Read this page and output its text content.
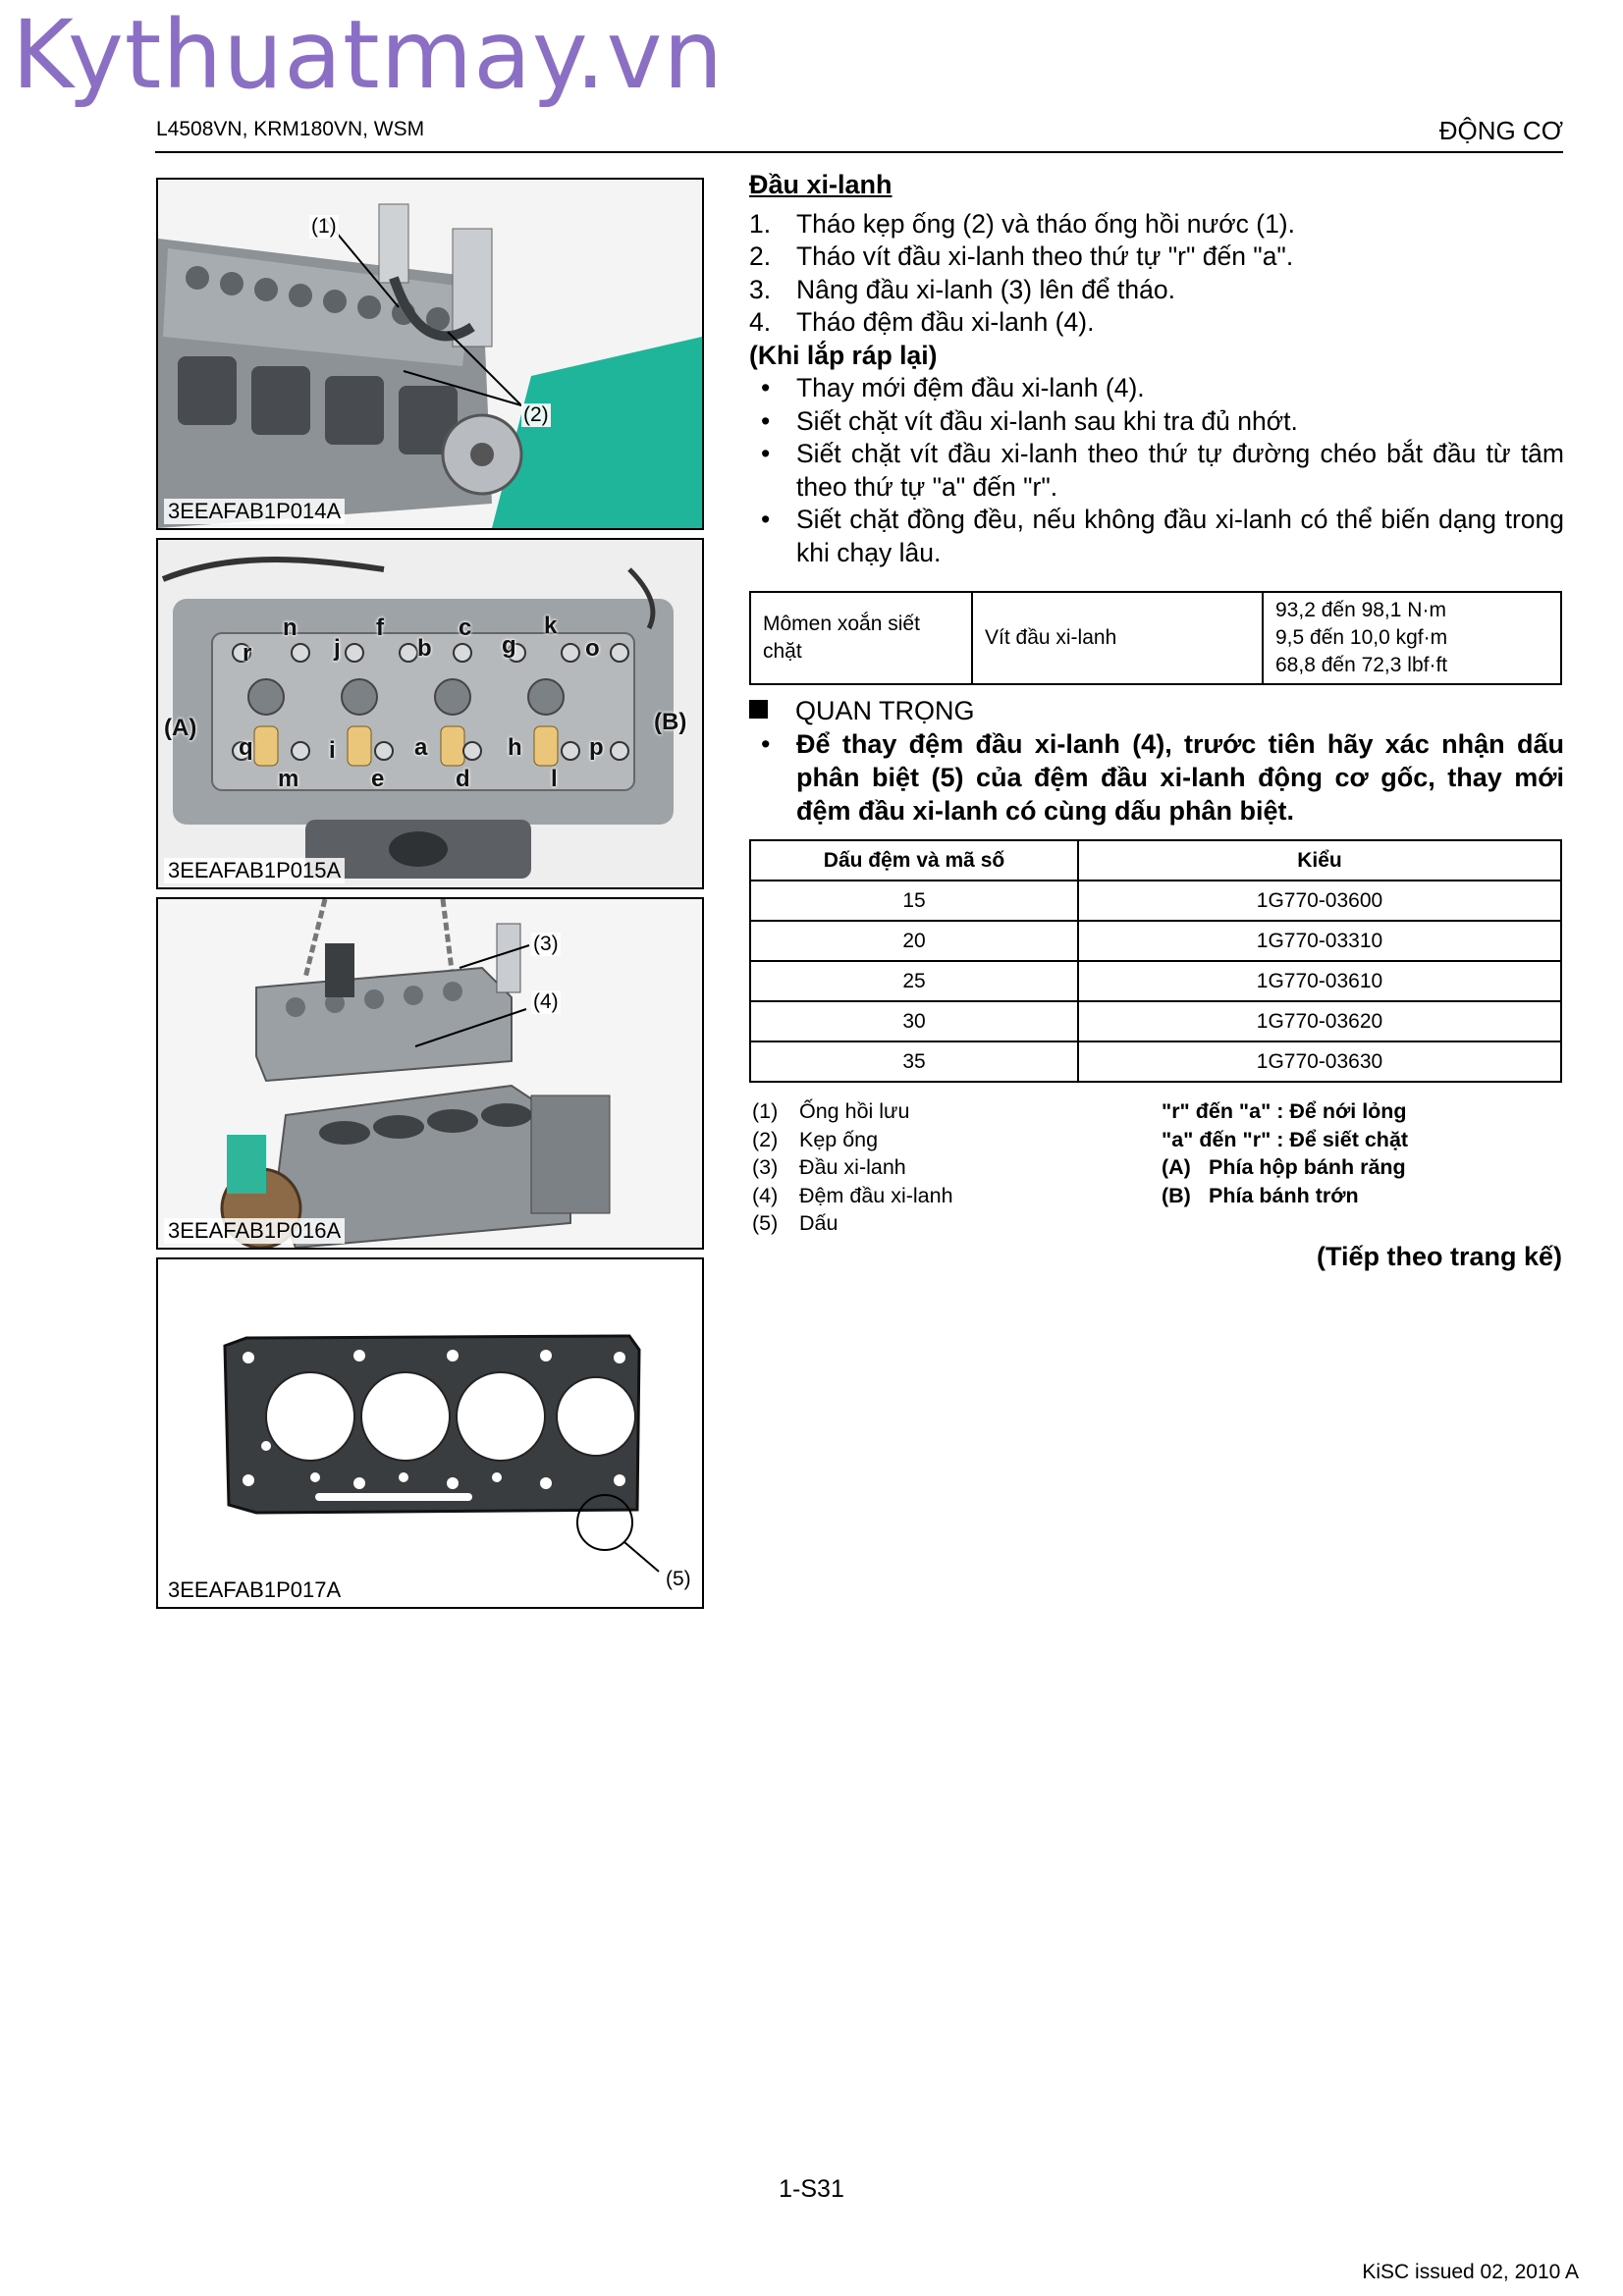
Kythuatmay.vn
L4508VN, KRM180VN, WSM	ĐỘNG CƠ
(1)
(2)
3EEAFAB1P014A
n	f	c	k
r	j	b	g	o
q	i	a	h	p
m	e	d	l
(A)	(B)
3EEAFAB1P015A
(3)
(4)
3EEAFAB1P016A
(5)
3EEAFAB1P017A
Đầu xi-lanh
1. Tháo kẹp ống (2) và tháo ống hồi nước (1).
2. Tháo vít đầu xi-lanh theo thứ tự "r" đến "a".
3. Nâng đầu xi-lanh (3) lên để tháo.
4. Tháo đệm đầu xi-lanh (4).
(Khi lắp ráp lại)
•	Thay mới đệm đầu xi-lanh (4).
•	Siết chặt vít đầu xi-lanh sau khi tra đủ nhớt.
•	Siết chặt vít đầu xi-lanh theo thứ tự đường chéo bắt đầu từ tâm theo thứ tự "a" đến "r".
•	Siết chặt đồng đều, nếu không đầu xi-lanh có thể biến dạng trong khi chạy lâu.
Mômen xoắn siết chặt	Vít đầu xi-lanh	
93,2 đến 98,1 N·m
9,5 đến 10,0 kgf·m
68,8 đến 72,3 lbf·ft
QUAN TRỌNG
• Để thay đệm đầu xi-lanh (4), trước tiên hãy xác nhận dấu phân biệt (5) của đệm đầu xi-lanh động cơ gốc, thay mới đệm đầu xi-lanh có cùng dấu phân biệt.
Dấu đệm và mã số	Kiểu
15	1G770-03600
20	1G770-03310
25	1G770-03610
30	1G770-03620
35	1G770-03630
(1)	Ống hồi lưu
(2)	Kẹp ống
(3)	Đầu xi-lanh
(4)	Đệm đầu xi-lanh
(5)	Dấu
"r" đến "a" : Để nới lỏng
"a" đến "r" : Để siết chặt
(A) Phía hộp bánh răng
(B) Phía bánh trớn
(Tiếp theo trang kế)
1-S31
KiSC issued 02, 2010 A
